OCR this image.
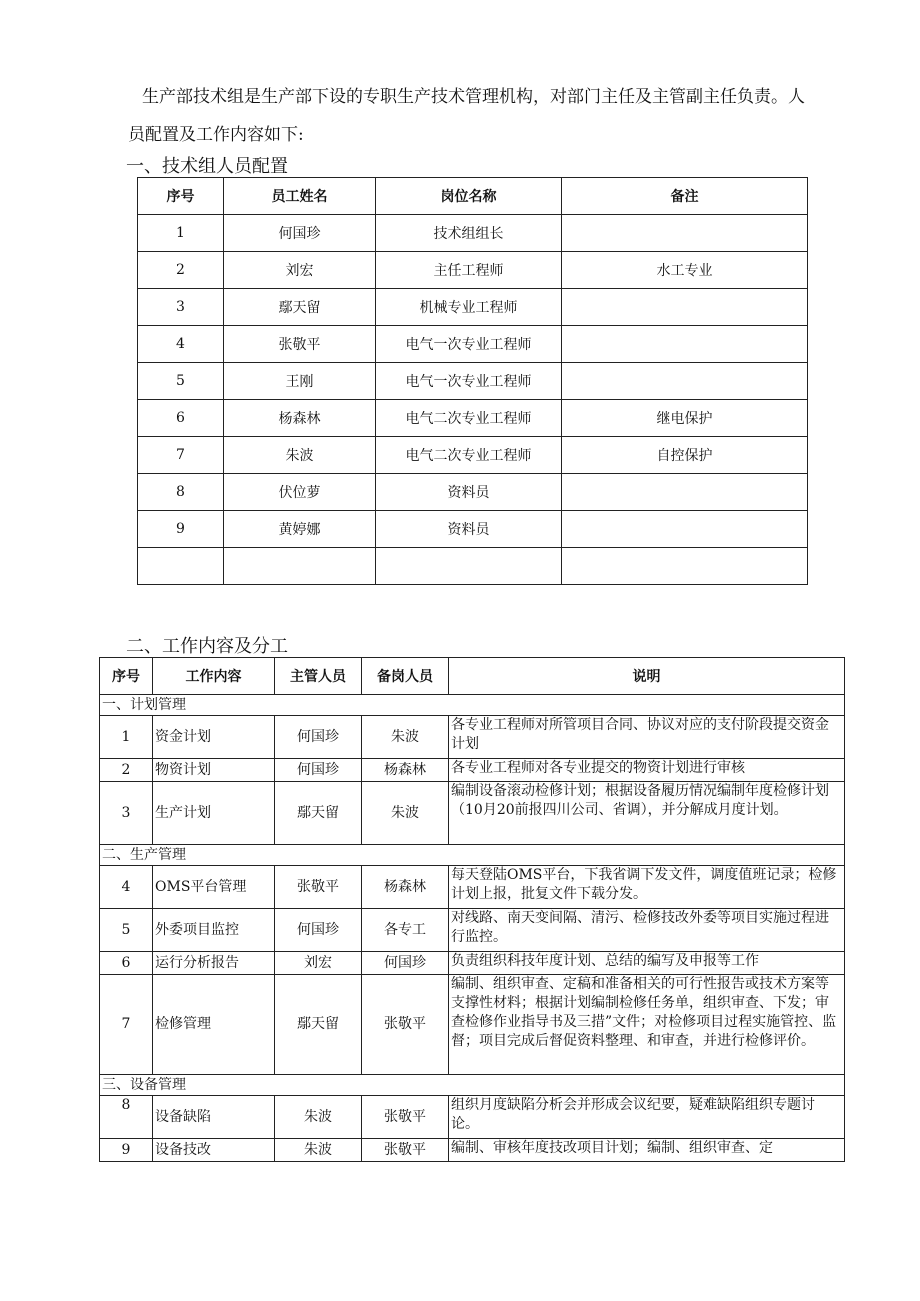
生产部技术组是生产部下设的专职生产技术管理机构，对部门主任及主管副主任负责。人员配置及工作内容如下:

一、技术组人员配置
序号	员工姓名	岗位名称	备注
1	何国珍	技术组组长	
2	刘宏	主任工程师	水工专业
3	鄢天留	机械专业工程师	
4	张敬平	电气一次专业工程师	
5	王刚	电气一次专业工程师	
6	杨森林	电气二次专业工程师	继电保护
7	朱波	电气二次专业工程师	自控保护
8	伏位萝	资料员	
9	黄婷娜	资料员	

二、工作内容及分工
序号	工作内容	主管人员	备岗人员	说明
一、计划管理				
1	资金计划	何国珍	朱波	各专业工程师对所管项目合同、协议对应的支付阶段提交资金计划
2	物资计划	何国珍	杨森林	各专业工程师对各专业提交的物资计划进行审核
3	生产计划	鄢天留	朱波	编制设备滚动检修计划；根据设备履历情况编制年度检修计划（10月20前报四川公司、省调），并分解成月度计划。
二、生产管理				
4	OMS平台管理	张敬平	杨森林	每天登陆OMS平台，下我省调下发文件，调度值班记录；检修计划上报，批复文件下载分发。
5	外委项目监控	何国珍	各专工	对线路、南天变间隔、清污、检修技改外委等项目实施过程进行监控。
6	运行分析报告	刘宏	何国珍	负责组织科技年度计划、总结的编写及申报等工作
7	检修管理	鄢天留	张敬平	编制、组织审查、定稿和准备相关的可行性报告或技术方案等支撑性材料；根据计划编制检修任务单，组织审查、下发；审查检修作业指导书及三措”文件；对检修项目过程实施管控、监督；项目完成后督促资料整理、和审查，并进行检修评价。
三、设备管理				
8	设备缺陷	朱波	张敬平	组织月度缺陷分析会并形成会议纪要，疑难缺陷组织专题讨论。
9	设备技改	朱波	张敬平	编制、审核年度技改项目计划；编制、组织审查、定
